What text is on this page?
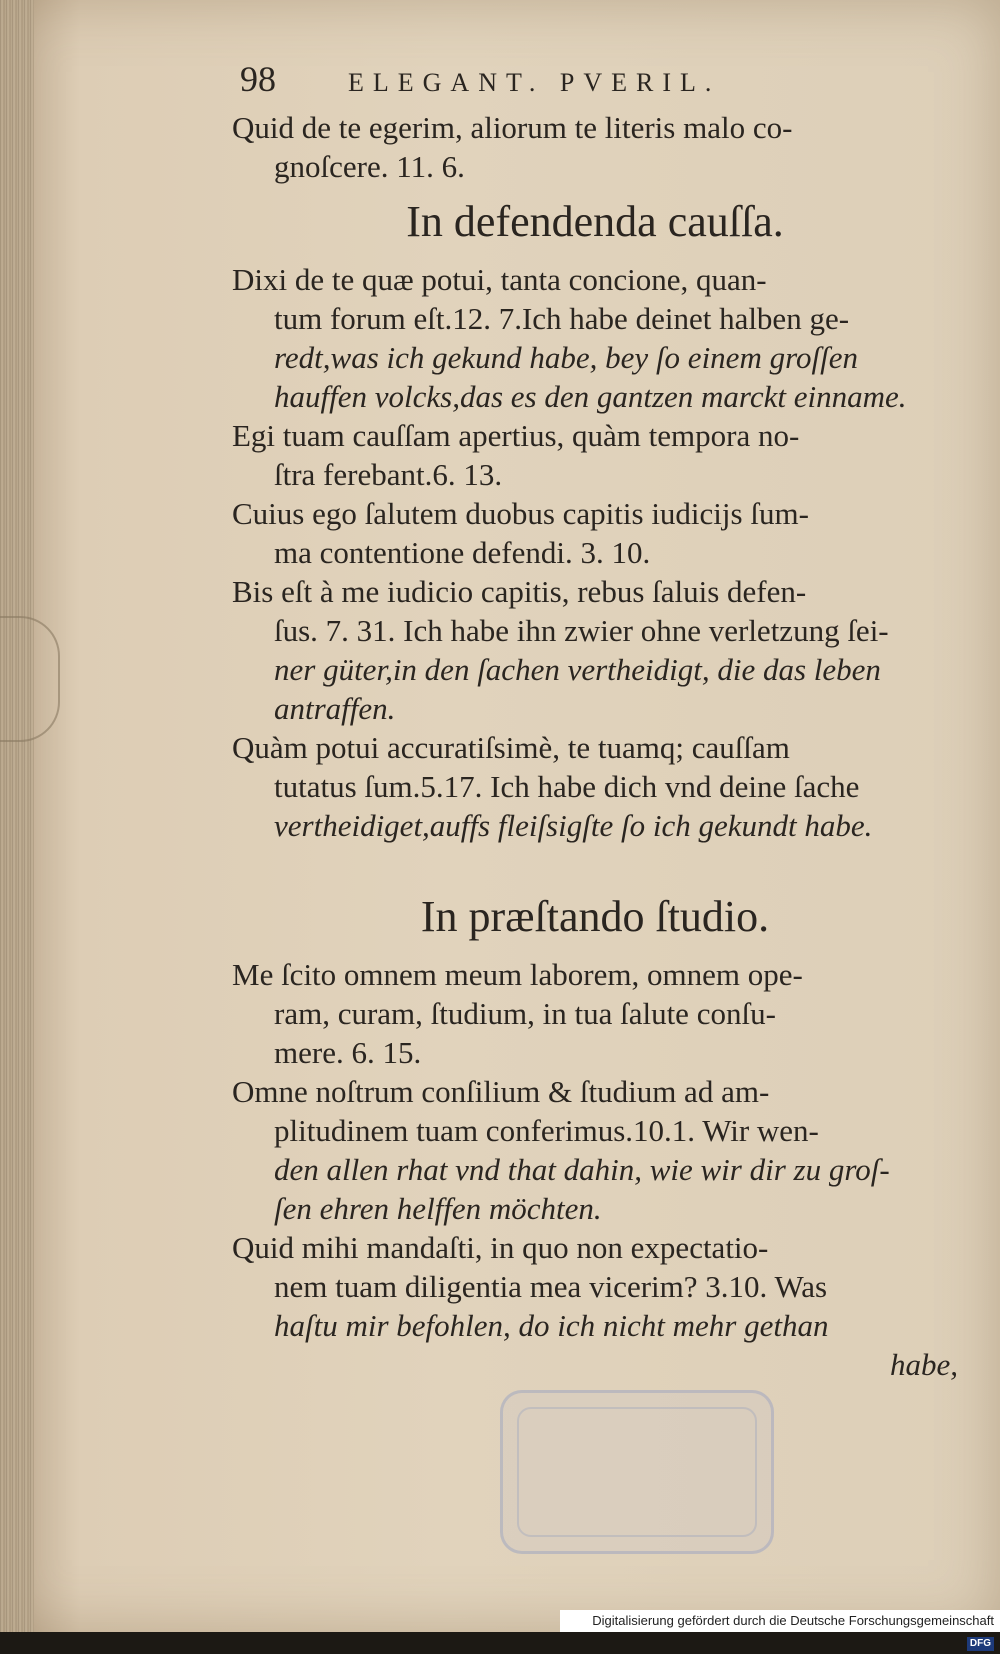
98	ELEGANT. PVERIL.
Quid de te egerim, aliorum te literis malo co-
gnoſcere. 11. 6.
In defendenda cauſſa.
Dixi de te quæ potui, tanta concione, quan-
tum forum eſt.12. 7.Ich habe deinet halben ge-
redt,was ich gekund habe, bey ſo einem groſſen
hauffen volcks,das es den gantzen marckt einname.
Egi tuam cauſſam apertius, quàm tempora no-
ſtra ferebant.6. 13.
Cuius ego ſalutem duobus capitis iudicijs ſum-
ma contentione defendi. 3. 10.
Bis eſt à me iudicio capitis, rebus ſaluis defen-
ſus. 7. 31. Ich habe ihn zwier ohne verletzung ſei-
ner güter,in den ſachen vertheidigt, die das leben
antraffen.
Quàm potui accuratiſsimè, te tuamq; cauſſam
tutatus ſum.5.17. Ich habe dich vnd deine ſache
vertheidiget,auffs fleiſsigſte ſo ich gekundt habe.
In præſtando ſtudio.
Me ſcito omnem meum laborem, omnem ope-
ram, curam, ſtudium, in tua ſalute conſu-
mere. 6. 15.
Omne noſtrum conſilium & ſtudium ad am-
plitudinem tuam conferimus.10.1. Wir wen-
den allen rhat vnd that dahin, wie wir dir zu groſ-
ſen ehren helffen möchten.
Quid mihi mandaſti, in quo non expectatio-
nem tuam diligentia mea vicerim? 3.10. Was
haſtu mir befohlen, do ich nicht mehr gethan
habe,
Digitalisierung gefördert durch die Deutsche Forschungsgemeinschaft DFG
